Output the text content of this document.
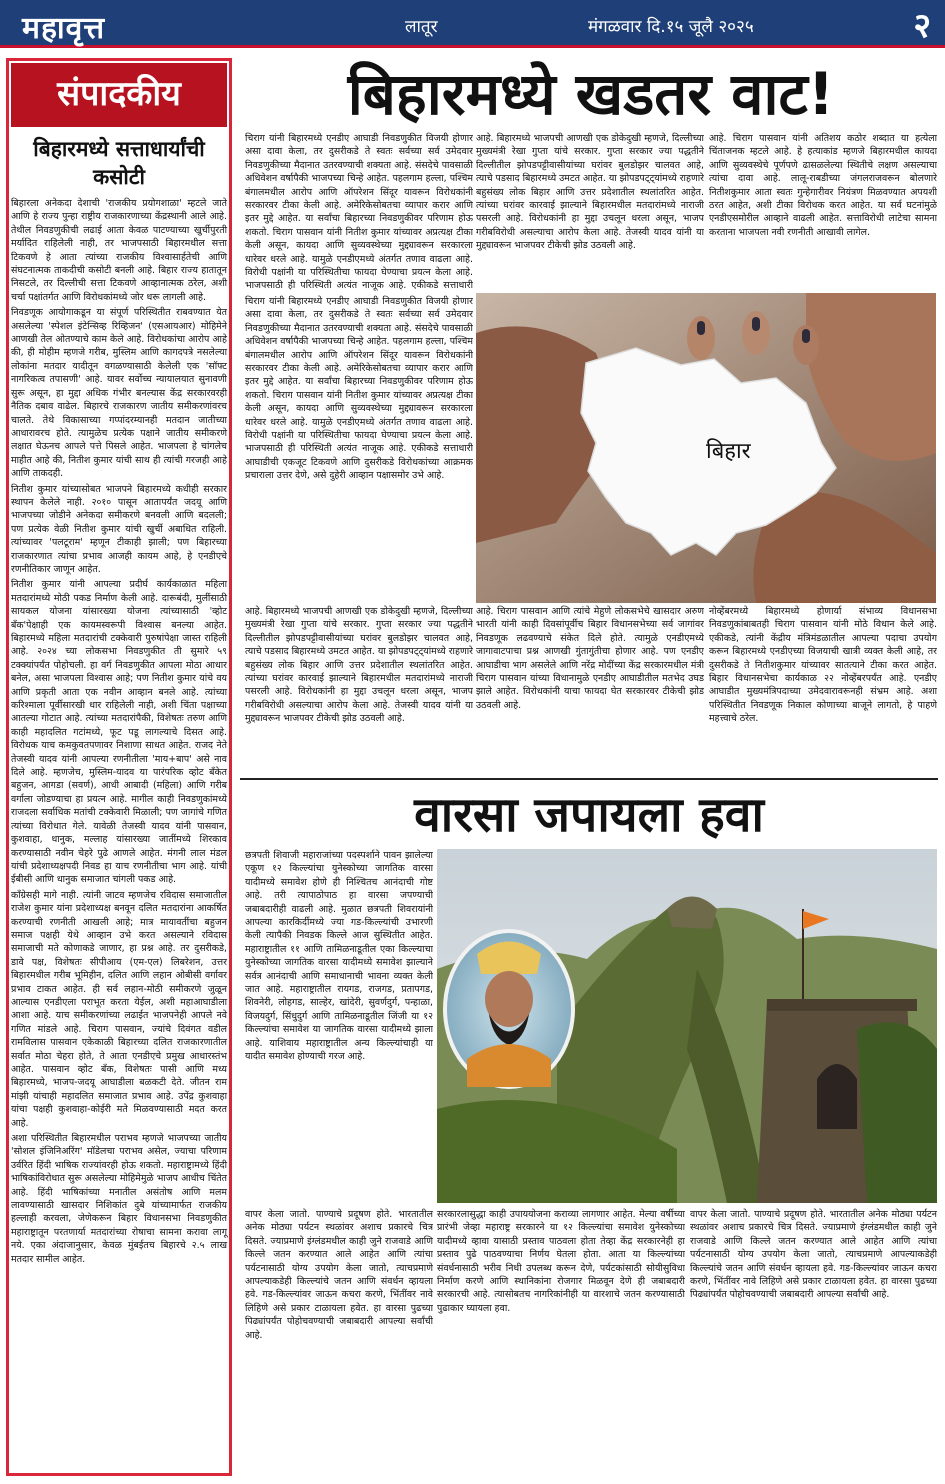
महावृत्त	लातूर	मंगळवार दि.१५ जूलै २०२५	२
संपादकीय
बिहारमध्ये सत्ताधार्यांची कसोटी

बिहारला अनेकदा देशाची 'राजकीय प्रयोगशाळा' म्हटले जाते आणि हे राज्य पुन्हा राष्ट्रीय राजकारणाच्या केंद्रस्थानी आले आहे. तेथील निवडणुकीची लढाई आता केवळ पाटण्याच्या खुर्चीपुरती मर्यादित राहिलेली नाही, तर भाजपसाठी बिहारमधील सत्ता टिकवणे हे आता त्यांच्या राजकीय विश्वासार्हतेची आणि संघटनात्मक ताकदीची कसोटी बनली आहे. बिहार राज्य हातातून निसटले, तर दिल्लीची सत्ता टिकवणे आव्हानात्मक ठरेल, अशी चर्चा पक्षांतर्गत आणि विरोधकांमध्ये जोर धरू लागली आहे.

निवडणूक आयोगाकडून या संपूर्ण परिस्थितीत राबवण्यात येत असलेल्या 'स्पेशल इंटेन्सिव्ह रिव्हिजन' (एसआयआर) मोहिमेने आणखी तेल ओतण्याचे काम केले आहे. विरोधकांचा आरोप आहे की, ही मोहीम म्हणजे गरीब, मुस्लिम आणि कागदपत्रे नसलेल्या लोकांना मतदार यादीतून वगळण्यासाठी केलेली एक 'सॉफ्ट नागरिकत्व तपासणी' आहे. यावर सर्वोच्च न्यायालयात सुनावणी सुरू असून, हा मुद्दा अधिक गंभीर बनल्यास केंद्र सरकारवरही नैतिक दबाव वाढेल. बिहारचे राजकारण जातीय समीकरणांवरच चालते. तेथे विकासाच्या गप्पांदरम्यानही मतदान जातीच्या आधारावरच होते. त्यामुळेच प्रत्येक पक्षाने जातीय समीकरणे लक्षात घेऊनच आपले पत्ते पिसले आहेत. भाजपला हे चांगलेच माहीत आहे की, नितीश कुमार यांची साथ ही त्यांची गरजही आहे आणि ताकदही.

नितीश कुमार यांच्यासोबत भाजपने बिहारमध्ये कधीही सरकार स्थापन केलेले नाही. २०१० पासून आतापर्यंत जदयू आणि भाजपच्या जोडीने अनेकदा समीकरणे बनवली आणि बदलली; पण प्रत्येक वेळी नितीश कुमार यांची खुर्ची अबाधित राहिली. त्यांच्यावर 'पलटूराम' म्हणून टीकाही झाली; पण बिहारच्या राजकारणात त्यांचा प्रभाव आजही कायम आहे, हे एनडीएचे रणनीतिकार जाणून आहेत.

नितीश कुमार यांनी आपल्या प्रदीर्घ कार्यकाळात महिला मतदारांमध्ये मोठी पकड निर्माण केली आहे. दारूबंदी, मुलींसाठी सायकल योजना यांसारख्या योजना त्यांच्यासाठी 'व्होट बँक'पेक्षाही एक कायमस्वरूपी विश्वास बनल्या आहेत. बिहारमध्ये महिला मतदारांची टक्केवारी पुरुषांपेक्षा जास्त राहिली आहे. २०२४ च्या लोकसभा निवडणुकीत ती सुमारे ५९ टक्क्यांपर्यंत पोहोचली. हा वर्ग निवडणुकीत आपला मोठा आधार बनेल, असा भाजपला विश्वास आहे; पण नितीश कुमार यांचे वय आणि प्रकृती आता एक नवीन आव्हान बनले आहे. त्यांच्या करिश्माला पूर्वीसारखी धार राहिलेली नाही, अशी चिंता पक्षाच्या आतल्या गोटात आहे. त्यांच्या मतदारांपैकी, विशेषतः तरुण आणि काही महादलित गटांमध्ये, फूट पडू लागल्याचे दिसत आहे. विरोधक याच कमकुवतपणावर निशाणा साधत आहेत. राजद नेते तेजस्वी यादव यांनी आपल्या रणनीतीला 'माय+बाप' असे नाव दिले आहे. म्हणजेच, मुस्लिम-यादव या पारंपरिक व्होट बँकेत बहुजन, आगडा (सवर्ण), आधी आबादी (महिला) आणि गरीब वर्गाला जोडण्याचा हा प्रयत्न आहे. मागील काही निवडणुकांमध्ये राजदला सर्वाधिक मतांची टक्केवारी मिळाली; पण जागांचे गणित त्यांच्या विरोधात गेले. यावेळी तेजस्वी यादव यांनी पासवान, कुशवाहा, धानुक, मल्लाह यांसारख्या जातींमध्ये शिरकाव करण्यासाठी नवीन चेहरे पुढे आणले आहेत. मंगनी लाल मंडल यांची प्रदेशाध्यक्षपदी निवड हा याच रणनीतीचा भाग आहे. यांची ईबीसी आणि धानुक समाजात चांगली पकड आहे.

काँग्रेसही मागे नाही. त्यांनी जाटव म्हणजेच रविदास समाजातील राजेश कुमार यांना प्रदेशाध्यक्ष बनवून दलित मतदारांना आकर्षित करण्याची रणनीती आखली आहे; मात्र मायावतींचा बहुजन समाज पक्षही येथे आव्हान उभे करत असल्याने रविदास समाजाची मते कोणाकडे जाणार, हा प्रश्न आहे. तर दुसरीकडे, डावे पक्ष, विशेषतः सीपीआय (एम-एल) लिबरेशन, उत्तर बिहारमधील गरीब भूमिहीन, दलित आणि लहान ओबीसी वर्गावर प्रभाव टाकत आहेत. ही सर्व लहान-मोठी समीकरणे जुळून आल्यास एनडीएला पराभूत करता येईल, अशी महाआघाडीला आशा आहे. याच समीकरणांच्या लढाईत भाजपनेही आपले नवे गणित मांडले आहे. चिराग पासवान, ज्यांचे दिवंगत वडील रामविलास पासवान एकेकाळी बिहारच्या दलित राजकारणातील सर्वात मोठा चेहरा होते, ते आता एनडीएचे प्रमुख आधारस्तंभ आहेत. पासवान व्होट बँक, विशेषतः पासी आणि मध्य बिहारमध्ये, भाजप-जदयू आघाडीला बळकटी देते. जीतन राम मांझी यांचाही महादलित समाजात प्रभाव आहे. उपेंद्र कुशवाहा यांचा पक्षही कुशवाहा-कोईरी मते मिळवण्यासाठी मदत करत आहे.

अशा परिस्थितीत बिहारमधील पराभव म्हणजे भाजपच्या जातीय 'सोशल इंजिनिअरिंग' मॉडेलचा पराभव असेल, ज्याचा परिणाम उर्वरित हिंदी भाषिक राज्यांवरही होऊ शकतो. महाराष्ट्रामध्ये हिंदी भाषिकांविरोधात सुरू असलेल्या मोहिमेमुळे भाजप आधीच चिंतेत आहे. हिंदी भाषिकांच्या मनातील असंतोष आणि मलम लावण्यासाठी खासदार निशिकांत दुबे यांच्यामार्फत राजकीय हल्लाही करवला, जेणेकरून बिहार विधानसभा निवडणुकीत महाराष्ट्रातून परतणार्या मतदारांच्या रोषाचा सामना करावा लागू नये. एका अंदाजानुसार, केवळ मुंबईतच बिहारचे २.५ लाख मतदार सामील आहेत.

बिहारमध्ये खडतर वाट!
चिराग यांनी बिहारमध्ये एनडीए आघाडी निवडणुकीत विजयी होणार असा दावा केला, तर दुसरीकडे ते स्वतः सर्वच्या सर्व उमेदवार निवडणुकीच्या मैदानात उतरवण्याची शक्यता आहे. संसदेचे पावसाळी अधिवेशन वर्षापैकी भाजपच्या चिन्हे आहेत. पहलगाम हल्ला, पश्चिम बंगालमधील आरोप आणि ऑपरेशन सिंदूर यावरून विरोधकांनी सरकारवर टीका केली आहे. अमेरिकेसोबतचा व्यापार करार आणि इतर मुद्दे आहेत. या सर्वांचा बिहारच्या निवडणुकीवर परिणाम होऊ शकतो. चिराग पासवान यांनी नितीश कुमार यांच्यावर अप्रत्यक्ष टीका केली असून, कायदा आणि सुव्यवस्थेच्या मुद्द्यावरून सरकारला धारेवर धरले आहे. यामुळे एनडीएमध्ये अंतर्गत तणाव वाढला आहे. विरोधी पक्षांनी या परिस्थितीचा फायदा घेण्याचा प्रयत्न केला आहे. भाजपसाठी ही परिस्थिती अत्यंत नाजूक आहे. एकीकडे सत्ताधारी
आहे. बिहारमध्ये भाजपची आणखी एक डोकेदुखी म्हणजे, दिल्लीच्या मुख्यमंत्री रेखा गुप्ता यांचे सरकार. गुप्ता सरकार ज्या पद्धतीने दिल्लीतील झोपडपट्टीवासीयांच्या घरांवर बुलडोझर चालवत आहे, त्याचे पडसाद बिहारमध्ये उमटत आहेत. या झोपडपट्ट्यांमध्ये राहणारे बहुसंख्य लोक बिहार आणि उत्तर प्रदेशातील स्थलांतरित आहेत. त्यांच्या घरांवर कारवाई झाल्याने बिहारमधील मतदारांमध्ये नाराजी पसरली आहे. विरोधकांनी हा मुद्दा उचलून धरला असून, भाजप गरीबविरोधी असल्याचा आरोप केला आहे. तेजस्वी यादव यांनी या मुद्द्यावरून भाजपवर टीकेची झोड उठवली आहे.
आहे. चिराग पासवान यांनी अतिशय कठोर शब्दात या हत्येला चिंताजनक म्हटले आहे. हे हत्याकांड म्हणजे बिहारमधील कायदा आणि सुव्यवस्थेचे पूर्णपणे ढासळलेल्या स्थितीचे लक्षण असल्याचा त्यांचा दावा आहे. लालू-राबडीच्या जंगलराजवरून बोलणारे नितीशकुमार आता स्वतः गुन्हेगारीवर नियंत्रण मिळवण्यात अपयशी ठरत आहेत, अशी टीका विरोधक करत आहेत. या सर्व घटनांमुळे एनडीएसमोरील आव्हाने वाढली आहेत. सत्ताविरोधी लाटेचा सामना करताना भाजपला नवी रणनीती आखावी लागेल.
चिराग यांनी बिहारमध्ये एनडीए आघाडी निवडणुकीत विजयी होणार असा दावा केला, तर दुसरीकडे ते स्वतः सर्वच्या सर्व उमेदवार निवडणुकीच्या मैदानात उतरवण्याची शक्यता आहे. संसदेचे पावसाळी अधिवेशन वर्षापैकी भाजपच्या चिन्हे आहेत. पहलगाम हल्ला, पश्चिम बंगालमधील आरोप आणि ऑपरेशन सिंदूर यावरून विरोधकांनी सरकारवर टीका केली आहे. अमेरिकेसोबतचा व्यापार करार आणि इतर मुद्दे आहेत. या सर्वांचा बिहारच्या निवडणुकीवर परिणाम होऊ शकतो. चिराग पासवान यांनी नितीश कुमार यांच्यावर अप्रत्यक्ष टीका केली असून, कायदा आणि सुव्यवस्थेच्या मुद्द्यावरून सरकारला धारेवर धरले आहे. यामुळे एनडीएमध्ये अंतर्गत तणाव वाढला आहे. विरोधी पक्षांनी या परिस्थितीचा फायदा घेण्याचा प्रयत्न केला आहे. भाजपसाठी ही परिस्थिती अत्यंत नाजूक आहे. एकीकडे सत्ताधारी आघाडीची एकजूट टिकवणे आणि दुसरीकडे विरोधकांच्या आक्रमक प्रचाराला उत्तर देणे, असे दुहेरी आव्हान पक्षासमोर उभे आहे.
बिहार
आहे. बिहारमध्ये भाजपची आणखी एक डोकेदुखी म्हणजे, दिल्लीच्या मुख्यमंत्री रेखा गुप्ता यांचे सरकार. गुप्ता सरकार ज्या पद्धतीने दिल्लीतील झोपडपट्टीवासीयांच्या घरांवर बुलडोझर चालवत आहे, त्याचे पडसाद बिहारमध्ये उमटत आहेत. या झोपडपट्ट्यांमध्ये राहणारे बहुसंख्य लोक बिहार आणि उत्तर प्रदेशातील स्थलांतरित आहेत. त्यांच्या घरांवर कारवाई झाल्याने बिहारमधील मतदारांमध्ये नाराजी पसरली आहे. विरोधकांनी हा मुद्दा उचलून धरला असून, भाजप गरीबविरोधी असल्याचा आरोप केला आहे. तेजस्वी यादव यांनी या मुद्द्यावरून भाजपवर टीकेची झोड उठवली आहे.
आहे. चिराग पासवान आणि त्यांचे मेहुणे लोकसभेचे खासदार अरुण भारती यांनी काही दिवसांपूर्वीच बिहार विधानसभेच्या सर्व जागांवर निवडणूक लढवण्याचे संकेत दिले होते. त्यामुळे एनडीएमध्ये जागावाटपाचा प्रश्न आणखी गुंतागुंतीचा होणार आहे. पण एनडीए आघाडीचा भाग असलेले आणि नरेंद्र मोदींच्या केंद्र सरकारमधील मंत्री चिराग पासवान यांच्या विधानामुळे एनडीए आघाडीतील मतभेद उघड झाले आहेत. विरोधकांनी याचा फायदा घेत सरकारवर टीकेची झोड उठवली आहे.
नोव्हेंबरमध्ये बिहारमध्ये होणार्या संभाव्य विधानसभा निवडणुकांबाबतही चिराग पासवान यांनी मोठे विधान केले आहे. एकीकडे, त्यांनी केंद्रीय मंत्रिमंडळातील आपल्या पदाचा उपयोग करून बिहारमध्ये एनडीएच्या विजयाची खात्री व्यक्त केली आहे, तर दुसरीकडे ते नितीशकुमार यांच्यावर सातत्याने टीका करत आहेत. बिहार विधानसभेचा कार्यकाळ २२ नोव्हेंबरपर्यंत आहे. एनडीए आघाडीत मुख्यमंत्रिपदाच्या उमेदवारावरूनही संभ्रम आहे. अशा परिस्थितीत निवडणूक निकाल कोणाच्या बाजूने लागतो, हे पाहणे महत्त्वाचे ठरेल.
वारसा जपायला हवा
छत्रपती शिवाजी महाराजांच्या पदस्पर्शाने पावन झालेल्या एकूण १२ किल्ल्यांचा युनेस्कोच्या जागतिक वारसा यादीमध्ये समावेश होणे ही निश्चितच आनंदाची गोष्ट आहे. तरी त्यापाठोपाठ हा वारसा जपण्याची जबाबदारीही वाढली आहे. मुळात छत्रपती शिवरायांनी आपल्या कारकिर्दीमध्ये ज्या गड-किल्ल्यांची उभारणी केली त्यापैकी निवडक किल्ले आज सुस्थितीत आहेत. महाराष्ट्रातील ११ आणि तामिळनाडूतील एका किल्ल्याचा युनेस्कोच्या जागतिक वारसा यादीमध्ये समावेश झाल्याने सर्वत्र आनंदाची आणि समाधानाची भावना व्यक्त केली जात आहे. महाराष्ट्रातील रायगड, राजगड, प्रतापगड, शिवनेरी, लोहगड, साल्हेर, खांदेरी, सुवर्णदुर्ग, पन्हाळा, विजयदुर्ग, सिंधुदुर्ग आणि तामिळनाडूतील जिंजी या १२ किल्ल्यांचा समावेश या जागतिक वारसा यादीमध्ये झाला आहे. याशिवाय महाराष्ट्रातील अन्य किल्ल्यांचाही या यादीत समावेश होण्याची गरज आहे.
सरकारलासुद्धा काही उपाययोजना कराव्या लागणार आहेत. मेल्या वर्षीच्या प्रारंभी जेव्हा महाराष्ट्र सरकारने या १२ किल्ल्यांचा समावेश युनेस्कोच्या यादीमध्ये व्हावा यासाठी प्रस्ताव पाठवला होता तेव्हा केंद्र सरकारनेही हा प्रस्ताव पुढे पाठवण्याचा निर्णय घेतला होता. आता या किल्ल्यांच्या संवर्धनासाठी भरीव निधी उपलब्ध करून देणे, पर्यटकांसाठी सोयीसुविधा निर्माण करणे आणि स्थानिकांना रोजगार मिळवून देणे ही जबाबदारी सरकारची आहे. त्यासोबतच नागरिकांनीही या वारशाचे जतन करण्यासाठी पुढाकार घ्यायला हवा.
वापर केला जातो. पाण्याचे प्रदूषण होते. भारतातील अनेक मोठ्या पर्यटन स्थळांवर अशाच प्रकारचे चित्र दिसते. ज्याप्रमाणे इंग्लंडमधील काही जुने राजवाडे आणि किल्ले जतन करण्यात आले आहेत आणि त्यांचा पर्यटनासाठी योग्य उपयोग केला जातो, त्याचप्रमाणे आपल्याकडेही किल्ल्यांचे जतन आणि संवर्धन व्हायला हवे. गड-किल्ल्यांवर जाऊन कचरा करणे, भिंतींवर नावे लिहिणे असे प्रकार टाळायला हवेत. हा वारसा पुढच्या पिढ्यांपर्यंत पोहोचवण्याची जबाबदारी आपल्या सर्वांची आहे.
वापर केला जातो. पाण्याचे प्रदूषण होते. भारतातील अनेक मोठ्या पर्यटन स्थळांवर अशाच प्रकारचे चित्र दिसते. ज्याप्रमाणे इंग्लंडमधील काही जुने राजवाडे आणि किल्ले जतन करण्यात आले आहेत आणि त्यांचा पर्यटनासाठी योग्य उपयोग केला जातो, त्याचप्रमाणे आपल्याकडेही किल्ल्यांचे जतन आणि संवर्धन व्हायला हवे. गड-किल्ल्यांवर जाऊन कचरा करणे, भिंतींवर नावे लिहिणे असे प्रकार टाळायला हवेत. हा वारसा पुढच्या पिढ्यांपर्यंत पोहोचवण्याची जबाबदारी आपल्या सर्वांची आहे.
